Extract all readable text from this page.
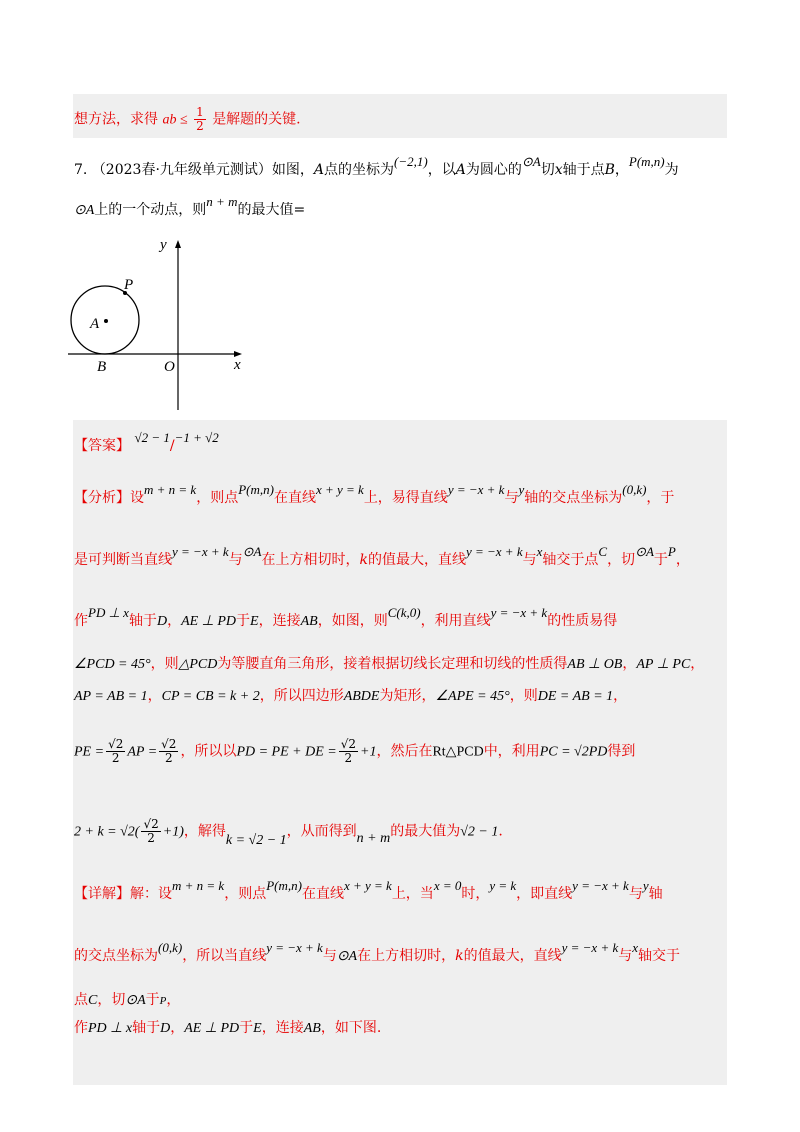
想方法，求得 ab ≤ $\frac{1}{2}$ 是解题的关键.
7. （2023春·九年级单元测试）如图，A点的坐标为(−2,1)，以A为圆心的⊙A切x轴于点B，P(m,n)为
⊙A上的一个动点，则n + m的最大值=
y
x
P
A
B	O
【答案】 √2 − 1/−1 + √2
【分析】设m + n = k，则点P(m,n)在直线x + y = k上，易得直线y = −x + k与y轴的交点坐标为(0,k)，于
是可判断当直线y = −x + k与⊙A在上方相切时，k的值最大，直线y = −x + k与x轴交于点C，切⊙A于P，
作PD ⊥ x轴于D，AE ⊥ PD于E，连接AB，如图，则C(k,0)，利用直线y = −x + k的性质易得
∠PCD = 45°，则△PCD为等腰直角三角形，接着根据切线长定理和切线的性质得AB ⊥ OB，AP ⊥ PC，
AP = AB = 1，CP = CB = k + 2，所以四边形ABDE为矩形，∠APE = 45°，则DE = AB = 1，
PE = $\frac{√2}{2}$ AP = $\frac{√2}{2}$ ，所以以PD = PE + DE = $\frac{√2}{2} +1$，然后在Rt△PCD中，利用PC = √2PD得到
$2 + k = √2( \frac{√2}{2} +1)$，解得k = √2 − 1，从而得到n + m的最大值为√2 − 1.
【详解】解：设m + n = k，则点P(m,n)在直线x + y = k上，当x = 0时，y = k，即直线y = −x + k与y轴
的交点坐标为(0,k)，所以当直线y = −x + k与⊙A在上方相切时，k的值最大，直线y = −x + k与x轴交于
点C，切⊙A于P，
作PD ⊥ x轴于D，AE ⊥ PD于E，连接AB，如下图.
